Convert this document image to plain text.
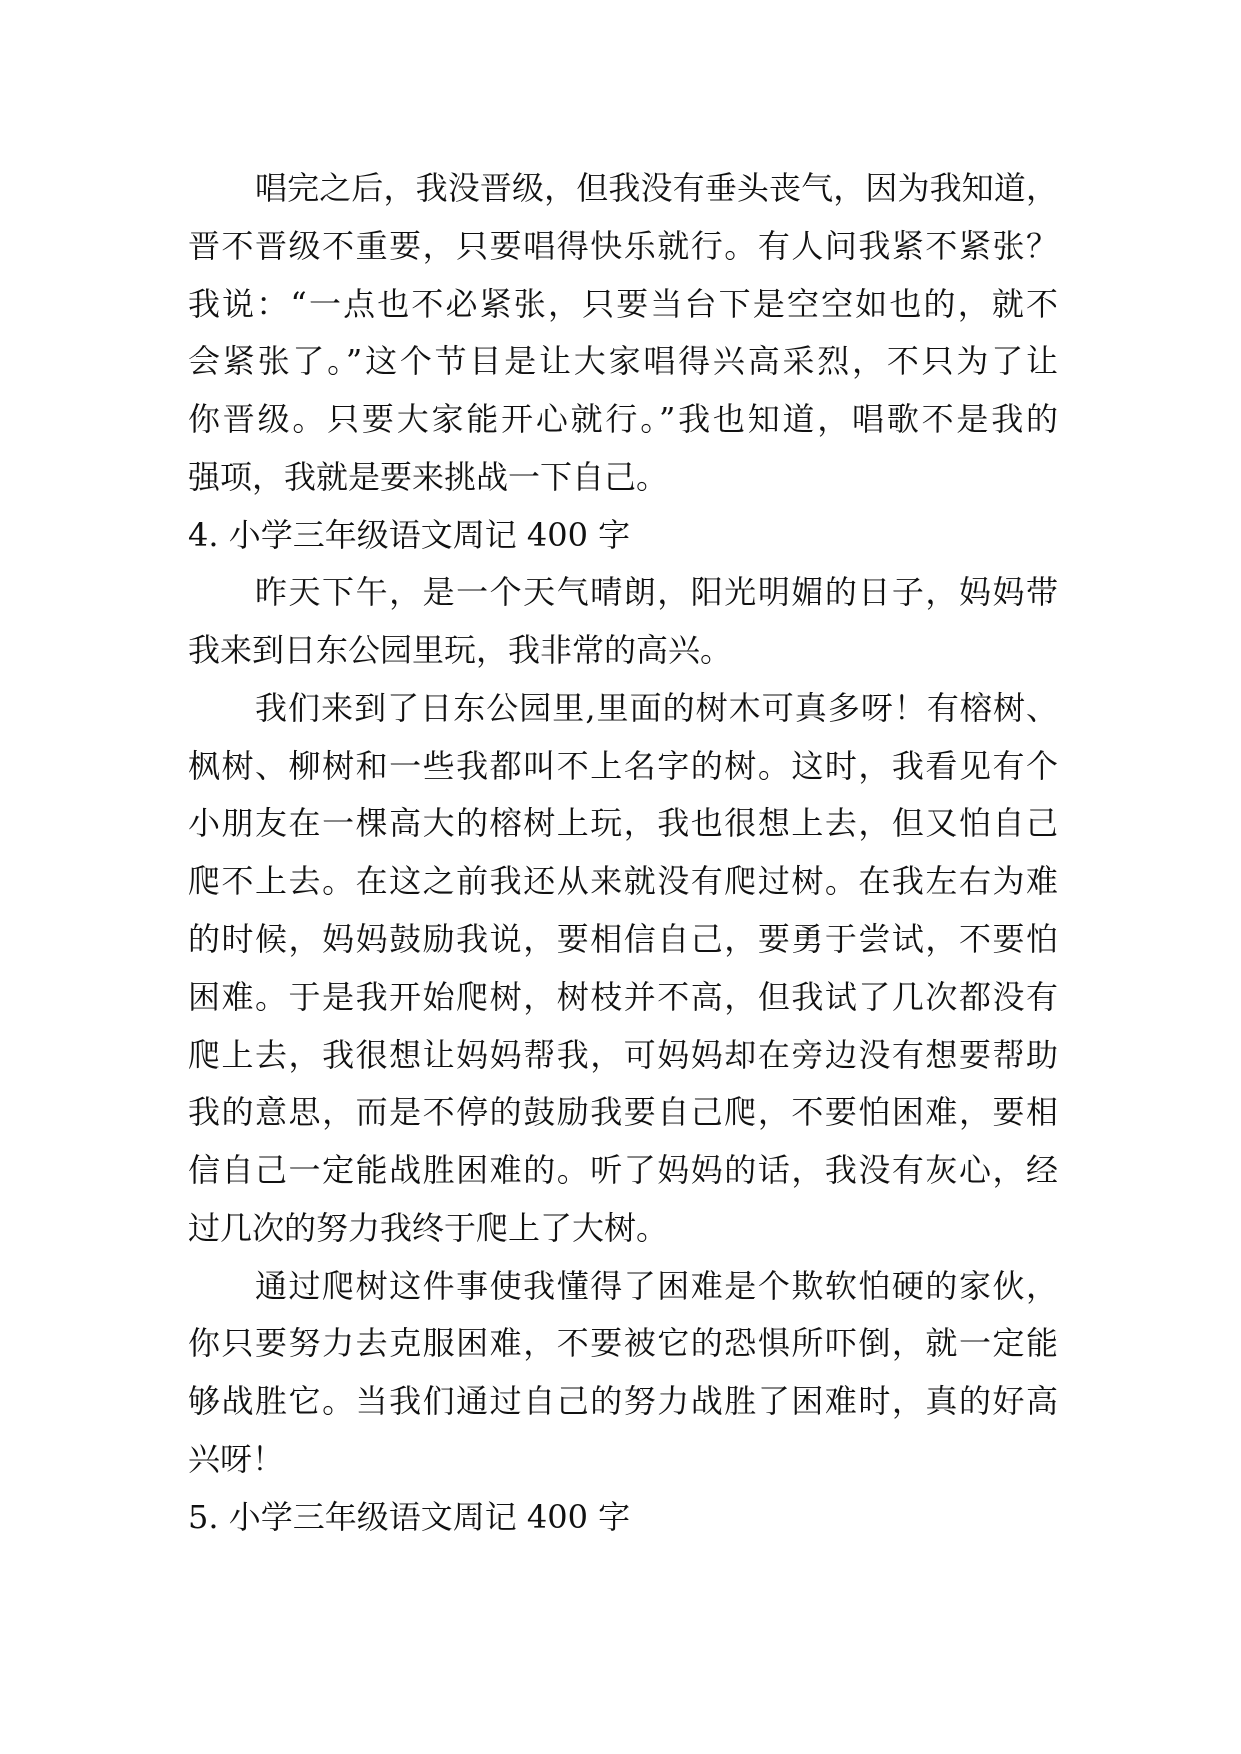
唱完之后，我没晋级，但我没有垂头丧气，因为我知道，
晋不晋级不重要，只要唱得快乐就行。有人问我紧不紧张？
我说：“一点也不必紧张，只要当台下是空空如也的，就不
会紧张了。”这个节目是让大家唱得兴高采烈，不只为了让
你晋级。只要大家能开心就行。”我也知道，唱歌不是我的
强项，我就是要来挑战一下自己。
4. 小学三年级语文周记 400 字
昨天下午，是一个天气晴朗，阳光明媚的日子，妈妈带
我来到日东公园里玩，我非常的高兴。
我们来到了日东公园里,里面的树木可真多呀！有榕树、
枫树、柳树和一些我都叫不上名字的树。这时，我看见有个
小朋友在一棵高大的榕树上玩，我也很想上去，但又怕自己
爬不上去。在这之前我还从来就没有爬过树。在我左右为难
的时候，妈妈鼓励我说，要相信自己，要勇于尝试，不要怕
困难。于是我开始爬树，树枝并不高，但我试了几次都没有
爬上去，我很想让妈妈帮我，可妈妈却在旁边没有想要帮助
我的意思，而是不停的鼓励我要自己爬，不要怕困难，要相
信自己一定能战胜困难的。听了妈妈的话，我没有灰心，经
过几次的努力我终于爬上了大树。
通过爬树这件事使我懂得了困难是个欺软怕硬的家伙，
你只要努力去克服困难，不要被它的恐惧所吓倒，就一定能
够战胜它。当我们通过自己的努力战胜了困难时，真的好高
兴呀！
5. 小学三年级语文周记 400 字
